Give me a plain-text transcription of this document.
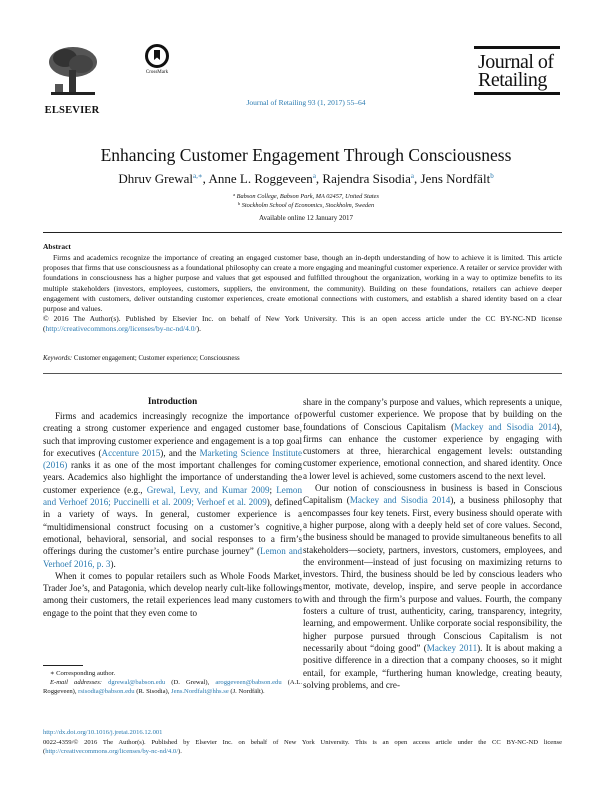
ELSEVIER
CrossMark
Journal of Retailing 93 (1, 2017) 55–64
Journal of
Retailing
Enhancing Customer Engagement Through Consciousness
Dhruv Grewal$^{a,∗}$, Anne L. Roggeveen$^a$, Rajendra Sisodia$^a$, Jens Nordfält$^b$
$^a$ Babson College, Babson Park, MA 02457, United States
$^b$ Stockholm School of Economics, Stockholm, Sweden
Available online 12 January 2017
Abstract
Firms and academics recognize the importance of creating an engaged customer base, though an in-depth understanding of how to achieve it is limited. This article proposes that firms that use consciousness as a foundational philosophy can create a more engaging and meaningful customer experience. A retailer or service provider with foundations in consciousness has a higher purpose and values that get espoused and fulfilled throughout the organization, working in a way to optimize benefits to its multiple stakeholders (investors, employees, customers, suppliers, the environment, the community). Building on these foundations, retailers can achieve deeper engagement with customers, deliver outstanding customer experiences, create emotional connections with customers, and establish a shared identity based on a clear purpose and values.
© 2016 The Author(s). Published by Elsevier Inc. on behalf of New York University. This is an open access article under the CC BY-NC-ND license (http://creativecommons.org/licenses/by-nc-nd/4.0/).
Keywords: Customer engagement; Customer experience; Consciousness
Introduction

Firms and academics increasingly recognize the importance of creating a strong customer experience and engaged customer base, such that improving customer experience and engagement is a top goal for executives (Accenture 2015), and the Marketing Science Institute (2016) ranks it as one of the most important challenges for coming years. Academics also highlight the importance of understanding the customer experience (e.g., Grewal, Levy, and Kumar 2009; Lemon and Verhoef 2016; Puccinelli et al. 2009; Verhoef et al. 2009), defined in a variety of ways. In general, customer experience is a “multidimensional construct focusing on a customer’s cognitive, emotional, behavioral, sensorial, and social responses to a firm’s offerings during the customer’s entire purchase journey” (Lemon and Verhoef 2016, p. 3).

When it comes to popular retailers such as Whole Foods Market, Trader Joe’s, and Patagonia, which develop nearly cult-like followings among their customers, the retail experiences lead many customers to engage to the point that they even come to

share in the company’s purpose and values, which represents a unique, powerful customer experience. We propose that by building on the foundations of Conscious Capitalism (Mackey and Sisodia 2014), firms can enhance the customer experience by engaging with customers at three, hierarchical engagement levels: outstanding customer experience, emotional connection, and shared identity. Once a lower level is achieved, some customers ascend to the next level.

Our notion of consciousness in business is based in Conscious Capitalism (Mackey and Sisodia 2014), a business philosophy that encompasses four key tenets. First, every business should operate with a higher purpose, along with a deeply held set of core values. Second, the business should be managed to provide simultaneous benefits to all stakeholders—society, partners, investors, customers, employees, and the environment—instead of just focusing on maximizing returns to investors. Third, the business should be led by conscious leaders who mentor, motivate, develop, inspire, and serve people in accordance with and through the firm’s purpose and values. Fourth, the company fosters a culture of trust, authenticity, caring, transparency, integrity, learning, and empowerment. Unlike corporate social responsibility, the higher purpose pursued through Conscious Capitalism is not necessarily about “doing good” (Mackey 2011). It is about making a positive difference in a direction that a company chooses, so it might entail, for example, “furthering human knowledge, creating beauty, solving problems, and cre-

∗ Corresponding author.

E-mail addresses: dgrewal@babson.edu (D. Grewal), aroggeveen@babson.edu (A.L. Roggeveen), rsisodia@babson.edu (R. Sisodia), Jens.Nordfalt@hhs.se (J. Nordfält).

http://dx.doi.org/10.1016/j.jretai.2016.12.001
0022-4359/© 2016 The Author(s). Published by Elsevier Inc. on behalf of New York University. This is an open access article under the CC BY-NC-ND license (http://creativecommons.org/licenses/by-nc-nd/4.0/).
